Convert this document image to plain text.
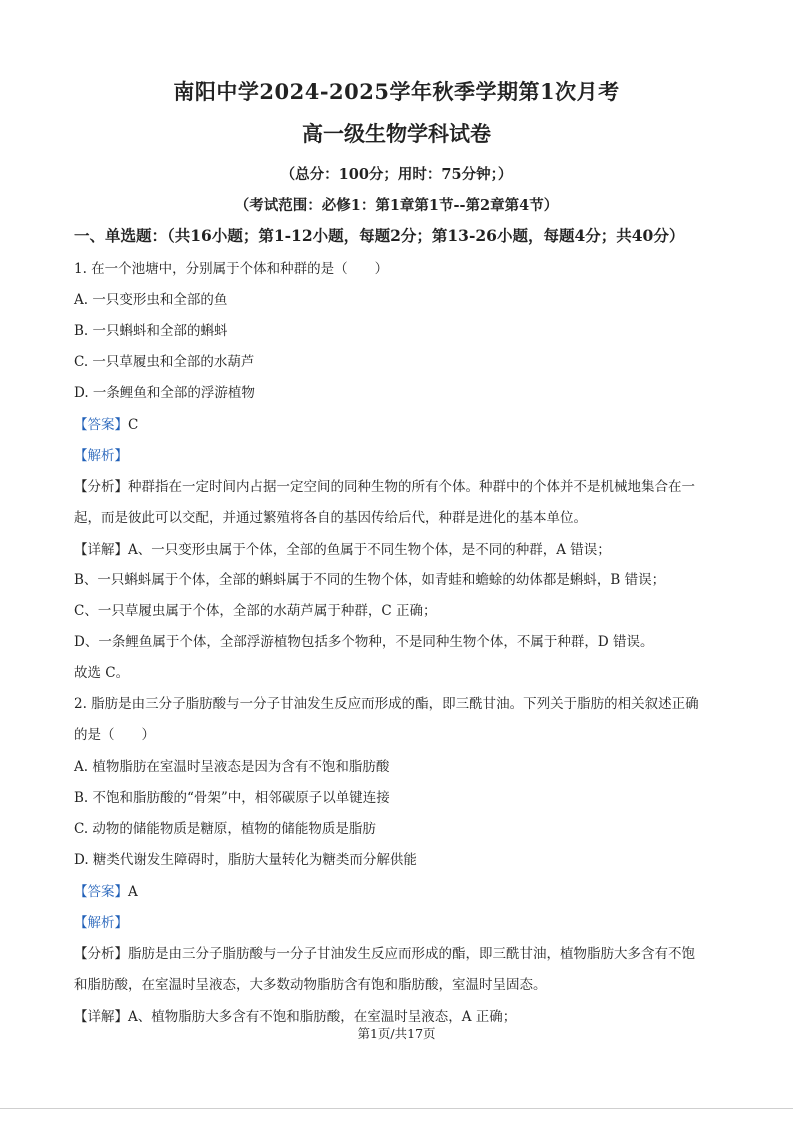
南阳中学2024-2025学年秋季学期第1次月考
高一级生物学科试卷
（总分：100分；用时：75分钟；）
（考试范围：必修1：第1章第1节--第2章第4节）
一、单选题：（共16小题；第1-12小题，每题2分；第13-26小题，每题4分；共40分）
1. 在一个池塘中，分别属于个体和种群的是（　　）
A. 一只变形虫和全部的鱼
B. 一只蝌蚪和全部的蝌蚪
C. 一只草履虫和全部的水葫芦
D. 一条鲤鱼和全部的浮游植物
【答案】C
【解析】
【分析】种群指在一定时间内占据一定空间的同种生物的所有个体。种群中的个体并不是机械地集合在一
起，而是彼此可以交配，并通过繁殖将各自的基因传给后代，种群是进化的基本单位。
【详解】A、一只变形虫属于个体，全部的鱼属于不同生物个体，是不同的种群，A 错误；
B、一只蝌蚪属于个体，全部的蝌蚪属于不同的生物个体，如青蛙和蟾蜍的幼体都是蝌蚪，B 错误；
C、一只草履虫属于个体，全部的水葫芦属于种群，C 正确；
D、一条鲤鱼属于个体，全部浮游植物包括多个物种，不是同种生物个体，不属于种群，D 错误。
故选 C。
2. 脂肪是由三分子脂肪酸与一分子甘油发生反应而形成的酯，即三酰甘油。下列关于脂肪的相关叙述正确
的是（　　）
A. 植物脂肪在室温时呈液态是因为含有不饱和脂肪酸
B. 不饱和脂肪酸的“骨架”中，相邻碳原子以单键连接
C. 动物的储能物质是糖原，植物的储能物质是脂肪
D. 糖类代谢发生障碍时，脂肪大量转化为糖类而分解供能
【答案】A
【解析】
【分析】脂肪是由三分子脂肪酸与一分子甘油发生反应而形成的酯，即三酰甘油，植物脂肪大多含有不饱
和脂肪酸，在室温时呈液态，大多数动物脂肪含有饱和脂肪酸，室温时呈固态。
【详解】A、植物脂肪大多含有不饱和脂肪酸，在室温时呈液态，A 正确；
第1页/共17页
